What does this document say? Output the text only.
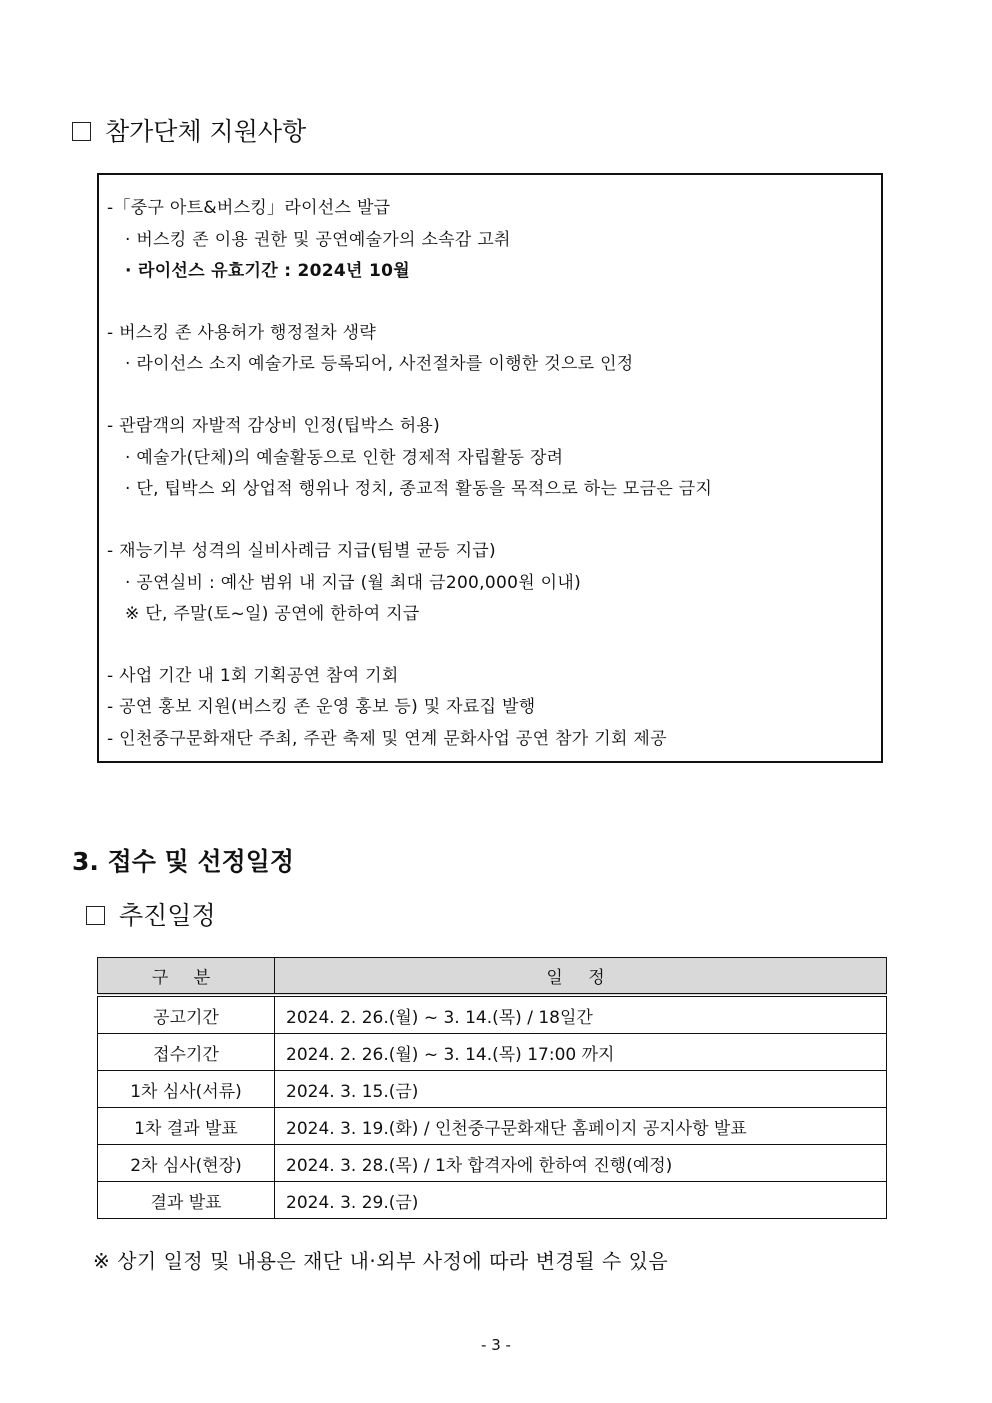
참가단체 지원사항
-「중구 아트&버스킹」라이선스 발급
· 버스킹 존 이용 권한 및 공연예술가의 소속감 고취
· 라이선스 유효기간 : 2024년 10월
- 버스킹 존 사용허가 행정절차 생략
· 라이선스 소지 예술가로 등록되어, 사전절차를 이행한 것으로 인정
- 관람객의 자발적 감상비 인정(팁박스 허용)
· 예술가(단체)의 예술활동으로 인한 경제적 자립활동 장려
· 단, 팁박스 외 상업적 행위나 정치, 종교적 활동을 목적으로 하는 모금은 금지
- 재능기부 성격의 실비사례금 지급(팀별 균등 지급)
· 공연실비 : 예산 범위 내 지급 (월 최대 금200,000원 이내)
※ 단, 주말(토~일) 공연에 한하여 지급
- 사업 기간 내 1회 기획공연 참여 기회
- 공연 홍보 지원(버스킹 존 운영 홍보 등) 및 자료집 발행
- 인천중구문화재단 주최, 주관 축제 및 연계 문화사업 공연 참가 기회 제공
3. 접수 및 선정일정
추진일정
구 분	일 정
공고기간	2024. 2. 26.(월) ~ 3. 14.(목) / 18일간
접수기간	2024. 2. 26.(월) ~ 3. 14.(목) 17:00 까지
1차 심사(서류)	2024. 3. 15.(금)
1차 결과 발표	2024. 3. 19.(화) / 인천중구문화재단 홈페이지 공지사항 발표
2차 심사(현장)	2024. 3. 28.(목) / 1차 합격자에 한하여 진행(예정)
결과 발표	2024. 3. 29.(금)
※ 상기 일정 및 내용은 재단 내·외부 사정에 따라 변경될 수 있음
- 3 -
